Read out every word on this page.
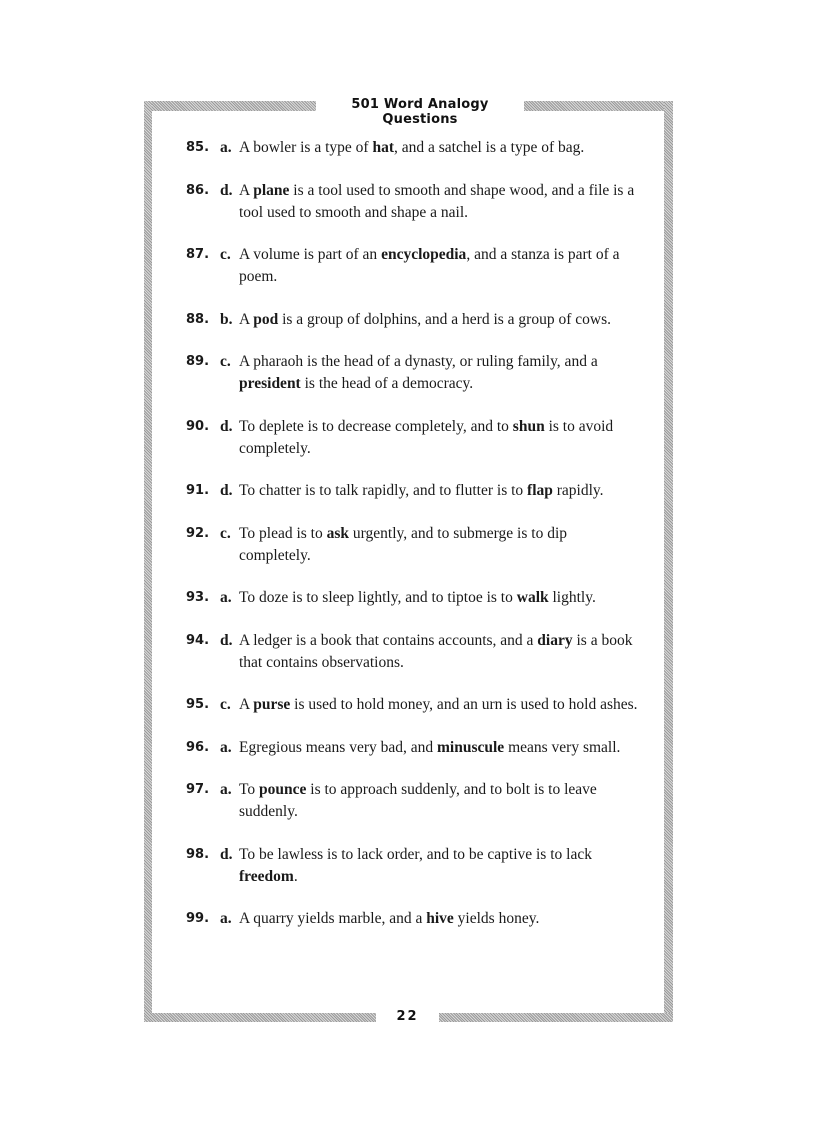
501 Word Analogy Questions
85. a. A bowler is a type of hat, and a satchel is a type of bag.
86. d. A plane is a tool used to smooth and shape wood, and a file is a
tool used to smooth and shape a nail.
87. c. A volume is part of an encyclopedia, and a stanza is part of a
poem.
88. b. A pod is a group of dolphins, and a herd is a group of cows.
89. c. A pharaoh is the head of a dynasty, or ruling family, and a
president is the head of a democracy.
90. d. To deplete is to decrease completely, and to shun is to avoid
completely.
91. d. To chatter is to talk rapidly, and to flutter is to flap rapidly.
92. c. To plead is to ask urgently, and to submerge is to dip
completely.
93. a. To doze is to sleep lightly, and to tiptoe is to walk lightly.
94. d. A ledger is a book that contains accounts, and a diary is a book
that contains observations.
95. c. A purse is used to hold money, and an urn is used to hold ashes.
96. a. Egregious means very bad, and minuscule means very small.
97. a. To pounce is to approach suddenly, and to bolt is to leave
suddenly.
98. d. To be lawless is to lack order, and to be captive is to lack
freedom.
99. a. A quarry yields marble, and a hive yields honey.
22
